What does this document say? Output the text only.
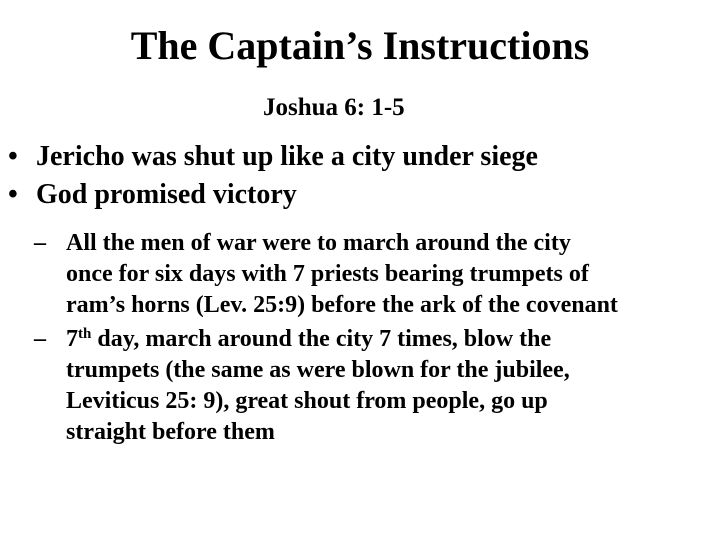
The Captain’s Instructions
Joshua 6: 1-5
• Jericho was shut up like a city under siege
• God promised victory
– All the men of war were to march around the city
once for six days with 7 priests bearing trumpets of
ram’s horns (Lev. 25:9) before the ark of the covenant
– 7th day, march around the city 7 times, blow the
trumpets (the same as were blown for the jubilee,
Leviticus 25: 9), great shout from people, go up
straight before them
